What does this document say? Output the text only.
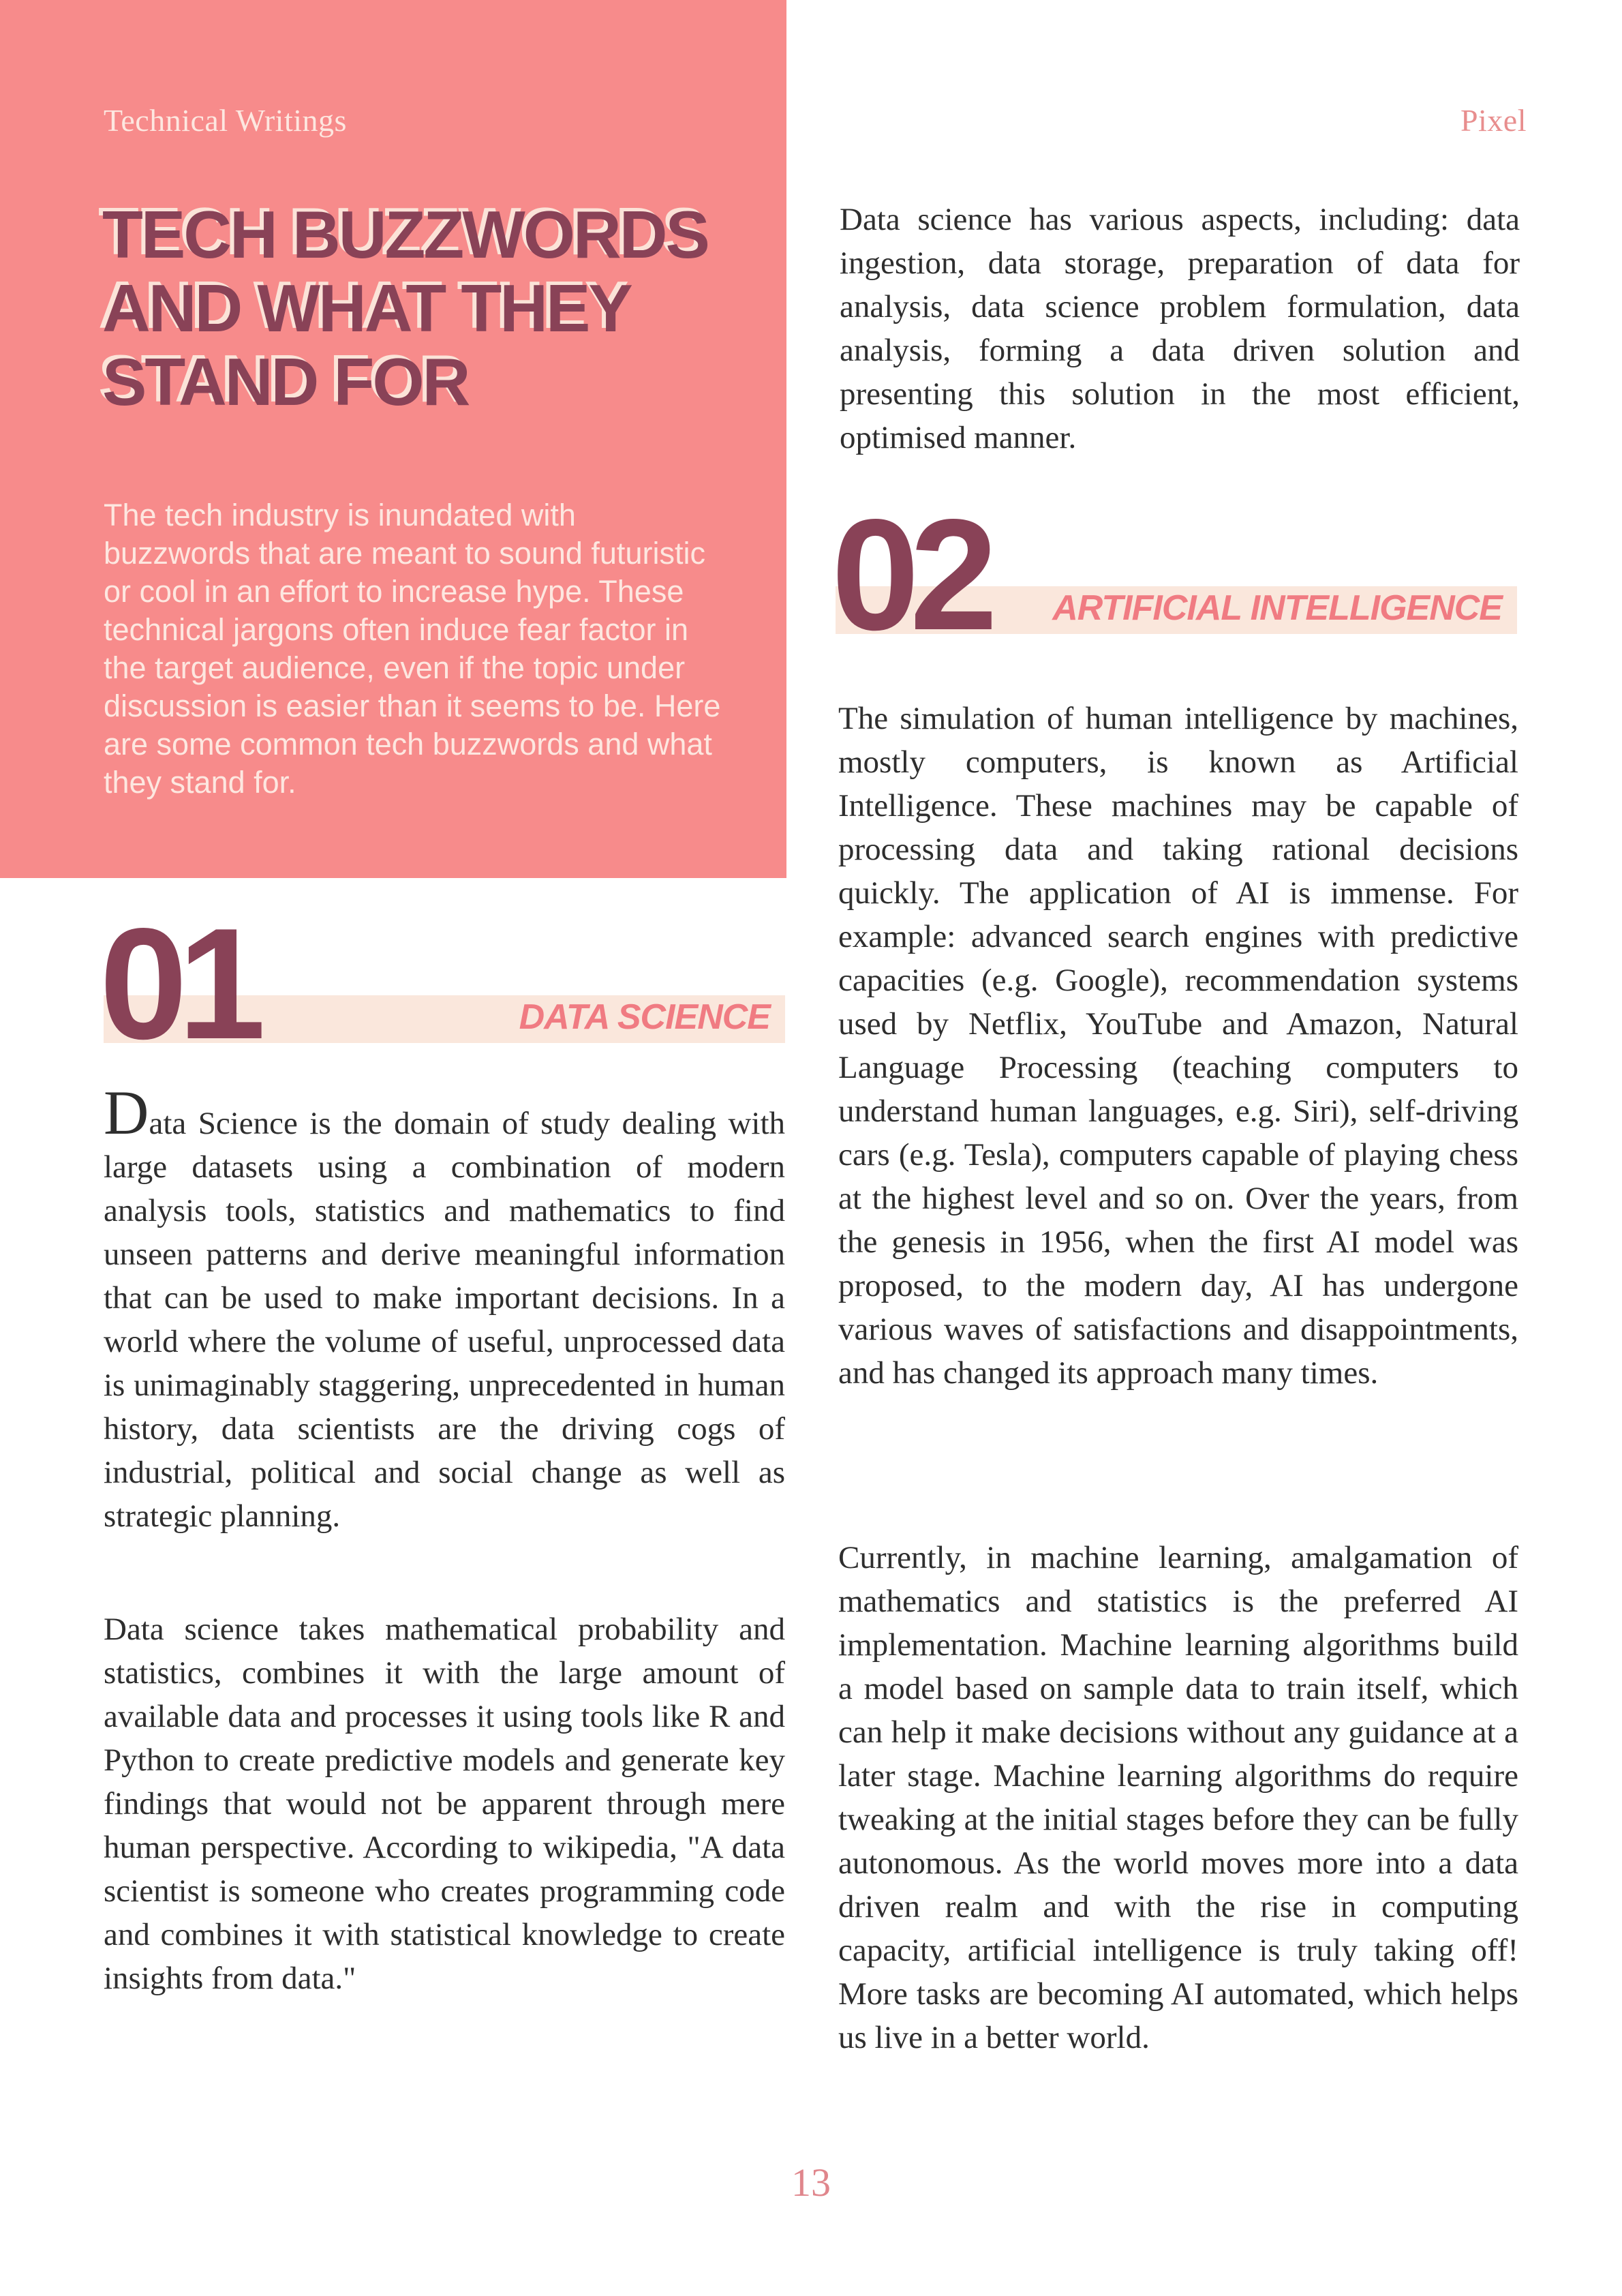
Technical Writings	Pixel
TECH BUZZWORDS AND WHAT THEY STAND FOR
The tech industry is inundated with buzzwords that are meant to sound futuristic or cool in an effort to increase hype. These technical jargons often induce fear factor in the target audience, even if the topic under discussion is easier than it seems to be. Here are some common tech buzzwords and what they stand for.
01	DATA SCIENCE

Data Science is the domain of study dealing with large datasets using a combination of modern analysis tools, statistics and mathematics to find unseen patterns and derive meaningful information that can be used to make important decisions. In a world where the volume of useful, unprocessed data is unimaginably staggering, unprecedented in human history, data scientists are the driving cogs of industrial, political and social change as well as strategic planning.

Data science takes mathematical probability and statistics, combines it with the large amount of available data and processes it using tools like R and Python to create predictive models and generate key findings that would not be apparent through mere human perspective. According to wikipedia, "A data scientist is someone who creates programming code and combines it with statistical knowledge to create insights from data."

Data science has various aspects, including: data ingestion, data storage, preparation of data for analysis, data science problem formulation, data analysis, forming a data driven solution and presenting this solution in the most efficient, optimised manner.

02 ARTIFICIAL INTELLIGENCE

The simulation of human intelligence by machines, mostly computers, is known as Artificial Intelligence. These machines may be capable of processing data and taking rational decisions quickly. The application of AI is immense. For example: advanced search engines with predictive capacities (e.g. Google), recommendation systems used by Netflix, YouTube and Amazon, Natural Language Processing (teaching computers to understand human languages, e.g. Siri), self-driving cars (e.g. Tesla), computers capable of playing chess at the highest level and so on. Over the years, from the genesis in 1956, when the first AI model was proposed, to the modern day, AI has undergone various waves of satisfactions and disappointments, and has changed its approach many times.

Currently, in machine learning, amalgamation of mathematics and statistics is the preferred AI implementation. Machine learning algorithms build a model based on sample data to train itself, which can help it make decisions without any guidance at a later stage. Machine learning algorithms do require tweaking at the initial stages before they can be fully autonomous. As the world moves more into a data driven realm and with the rise in computing capacity, artificial intelligence is truly taking off! More tasks are becoming AI automated, which helps us live in a better world.

13
